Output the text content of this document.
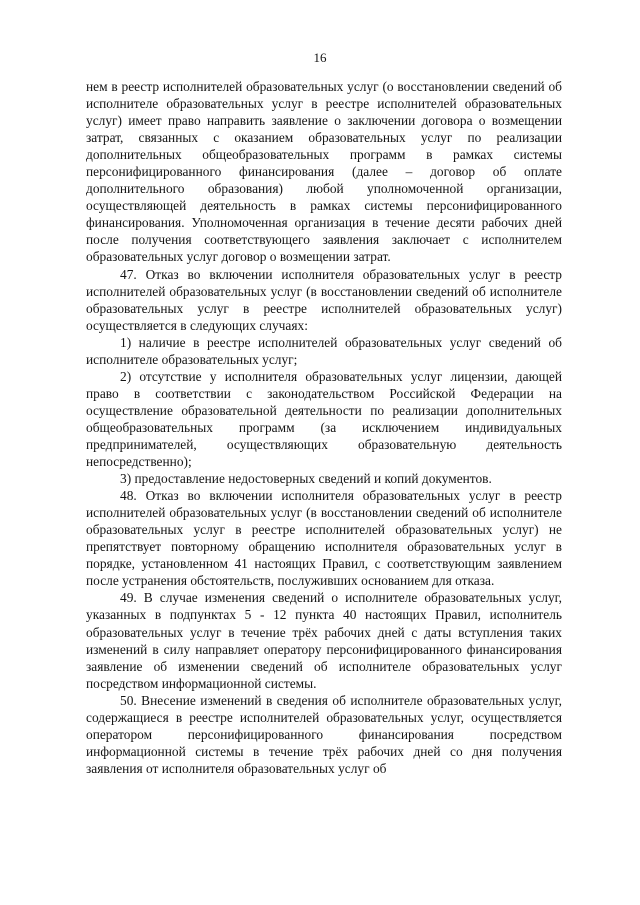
16

нем в реестр исполнителей образовательных услуг (о восстановлении сведений об исполнителе образовательных услуг в реестре исполнителей образовательных услуг) имеет право направить заявление о заключении договора о возмещении затрат, связанных с оказанием образовательных услуг по реализации дополнительных общеобразовательных программ в рамках системы персонифицированного финансирования (далее – договор об оплате дополнительного образования) любой уполномоченной организации, осуществляющей деятельность в рамках системы персонифицированного финансирования. Уполномоченная организация в течение десяти рабочих дней после получения соответствующего заявления заключает с исполнителем образовательных услуг договор о возмещении затрат.

47. Отказ во включении исполнителя образовательных услуг в реестр исполнителей образовательных услуг (в восстановлении сведений об исполнителе образовательных услуг в реестре исполнителей образовательных услуг) осуществляется в следующих случаях:

1) наличие в реестре исполнителей образовательных услуг сведений об исполнителе образовательных услуг;

2) отсутствие у исполнителя образовательных услуг лицензии, дающей право в соответствии с законодательством Российской Федерации на осуществление образовательной деятельности по реализации дополнительных общеобразовательных программ (за исключением индивидуальных предпринимателей, осуществляющих образовательную деятельность непосредственно);

3) предоставление недостоверных сведений и копий документов.

48. Отказ во включении исполнителя образовательных услуг в реестр исполнителей образовательных услуг (в восстановлении сведений об исполнителе образовательных услуг в реестре исполнителей образовательных услуг) не препятствует повторному обращению исполнителя образовательных услуг в порядке, установленном 41 настоящих Правил, с соответствующим заявлением после устранения обстоятельств, послуживших основанием для отказа.

49. В случае изменения сведений о исполнителе образовательных услуг, указанных в подпунктах 5 - 12 пункта 40 настоящих Правил, исполнитель образовательных услуг в течение трёх рабочих дней с даты вступления таких изменений в силу направляет оператору персонифицированного финансирования заявление об изменении сведений об исполнителе образовательных услуг посредством информационной системы.

50. Внесение изменений в сведения об исполнителе образовательных услуг, содержащиеся в реестре исполнителей образовательных услуг, осуществляется оператором персонифицированного финансирования посредством информационной системы в течение трёх рабочих дней со дня получения заявления от исполнителя образовательных услуг об
